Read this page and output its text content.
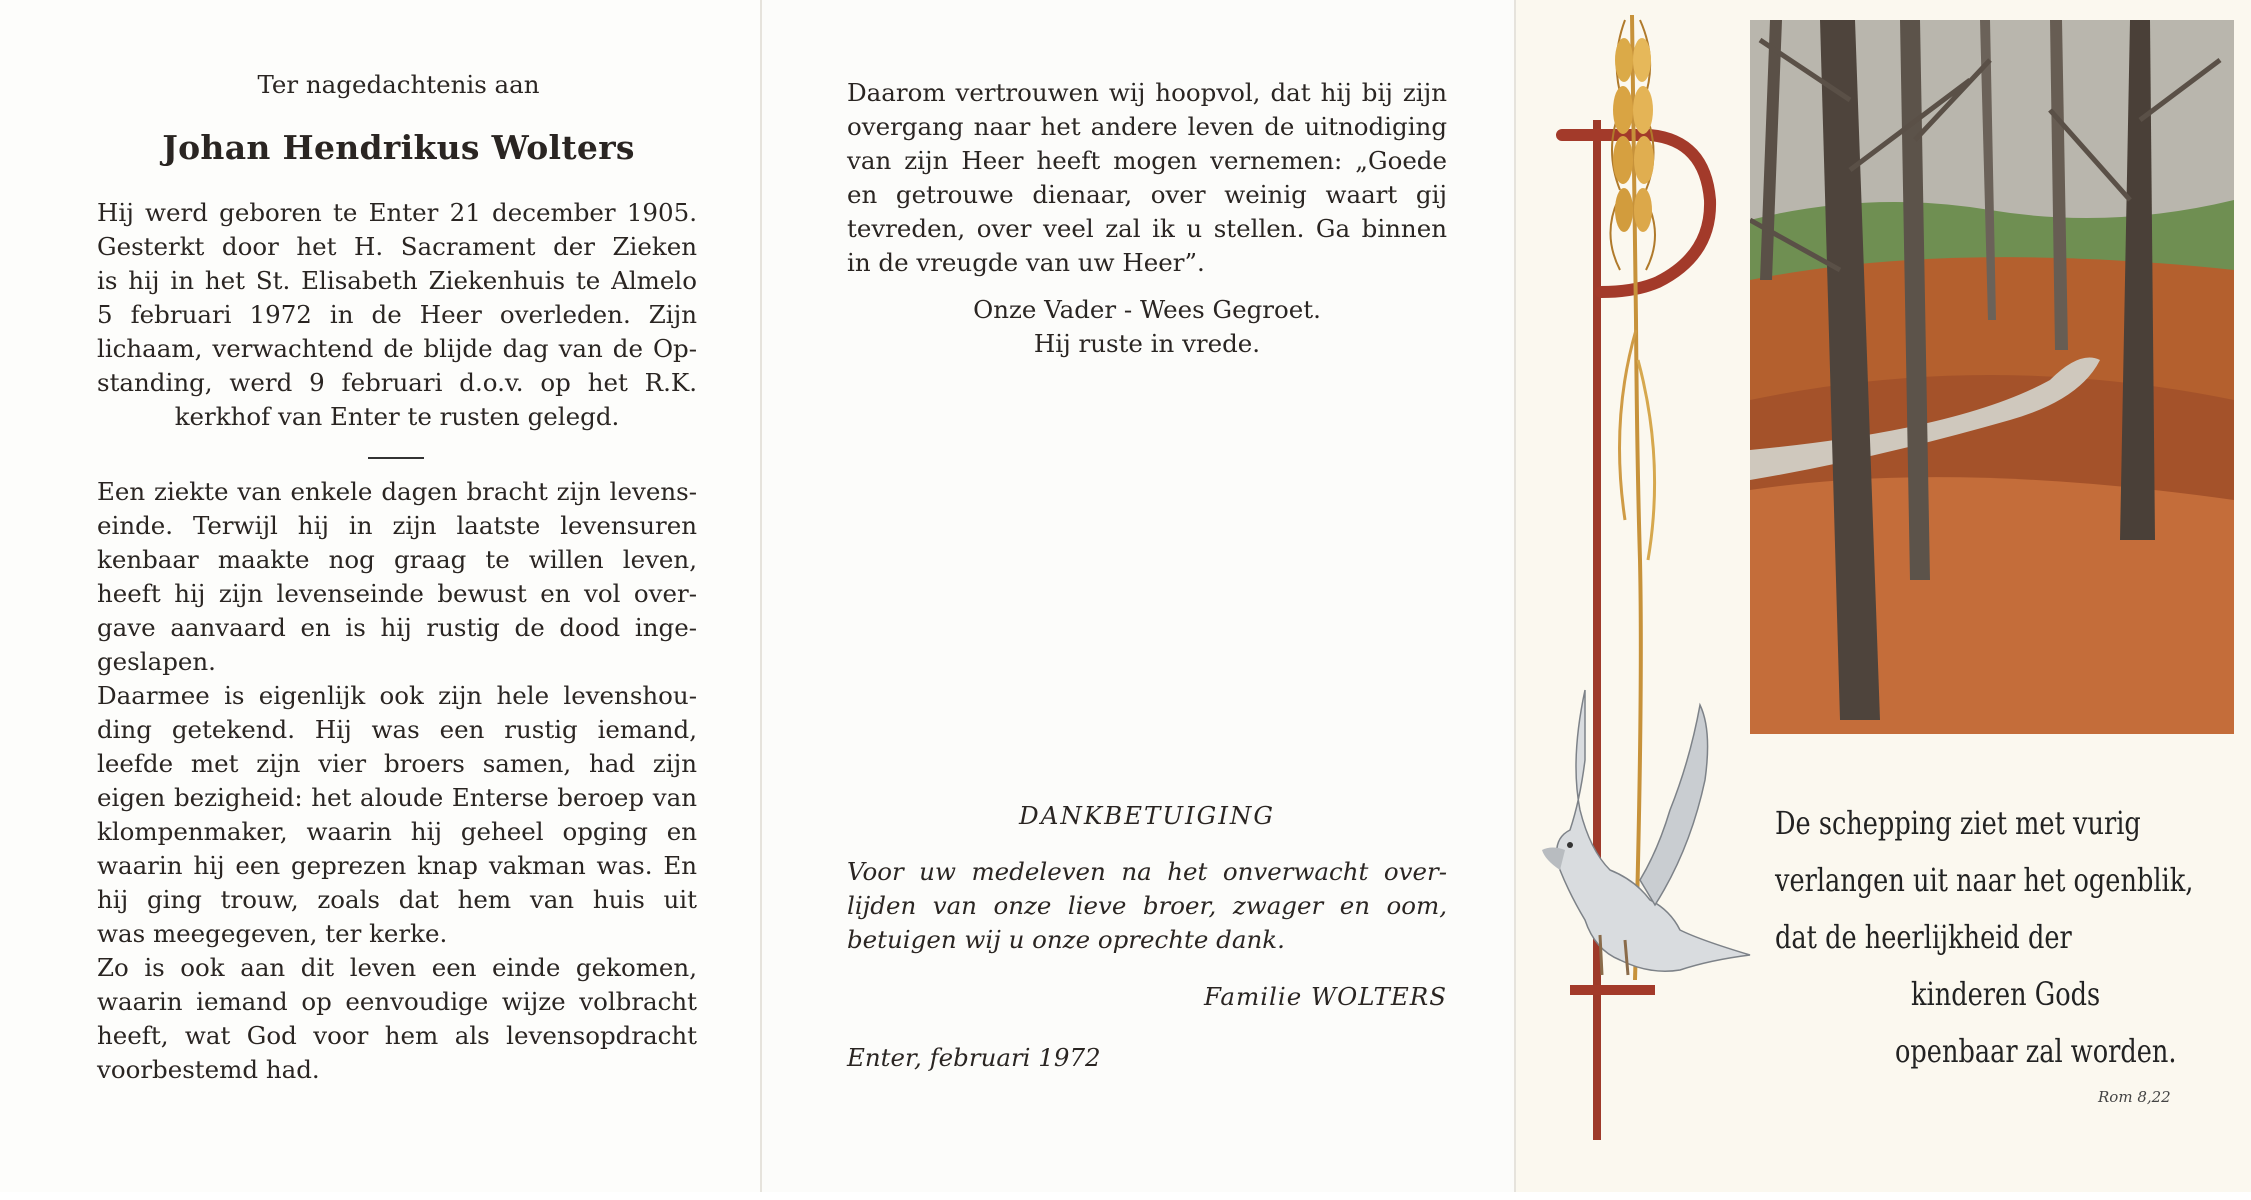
Ter nagedachtenis aan
Johan Hendrikus Wolters
Hij werd geboren te Enter 21 december 1905.
Gesterkt door het H. Sacrament der Zieken
is hij in het St. Elisabeth Ziekenhuis te Almelo
5 februari 1972 in de Heer overleden. Zijn
lichaam, verwachtend de blijde dag van de Op-
standing, werd 9 februari d.o.v. op het R.K.
kerkhof van Enter te rusten gelegd.
Een ziekte van enkele dagen bracht zijn levens-
einde. Terwijl hij in zijn laatste levensuren
kenbaar maakte nog graag te willen leven,
heeft hij zijn levenseinde bewust en vol over-
gave aanvaard en is hij rustig de dood inge-
geslapen.
Daarmee is eigenlijk ook zijn hele levenshou-
ding getekend. Hij was een rustig iemand,
leefde met zijn vier broers samen, had zijn
eigen bezigheid: het aloude Enterse beroep van
klompenmaker, waarin hij geheel opging en
waarin hij een geprezen knap vakman was. En
hij ging trouw, zoals dat hem van huis uit
was meegegeven, ter kerke.
Zo is ook aan dit leven een einde gekomen,
waarin iemand op eenvoudige wijze volbracht
heeft, wat God voor hem als levensopdracht
voorbestemd had.
Daarom vertrouwen wij hoopvol, dat hij bij zijn
overgang naar het andere leven de uitnodiging
van zijn Heer heeft mogen vernemen: „Goede
en getrouwe dienaar, over weinig waart gij
tevreden, over veel zal ik u stellen. Ga binnen
in de vreugde van uw Heer”.
Onze Vader - Wees Gegroet.
Hij ruste in vrede.
DANKBETUIGING
Voor uw medeleven na het onverwacht over-
lijden van onze lieve broer, zwager en oom,
betuigen wij u onze oprechte dank.
Familie WOLTERS
Enter, februari 1972
De schepping ziet met vurig
verlangen uit naar het ogenblik,
dat de heerlijkheid der
kinderen Gods
openbaar zal worden.
Rom 8,22
